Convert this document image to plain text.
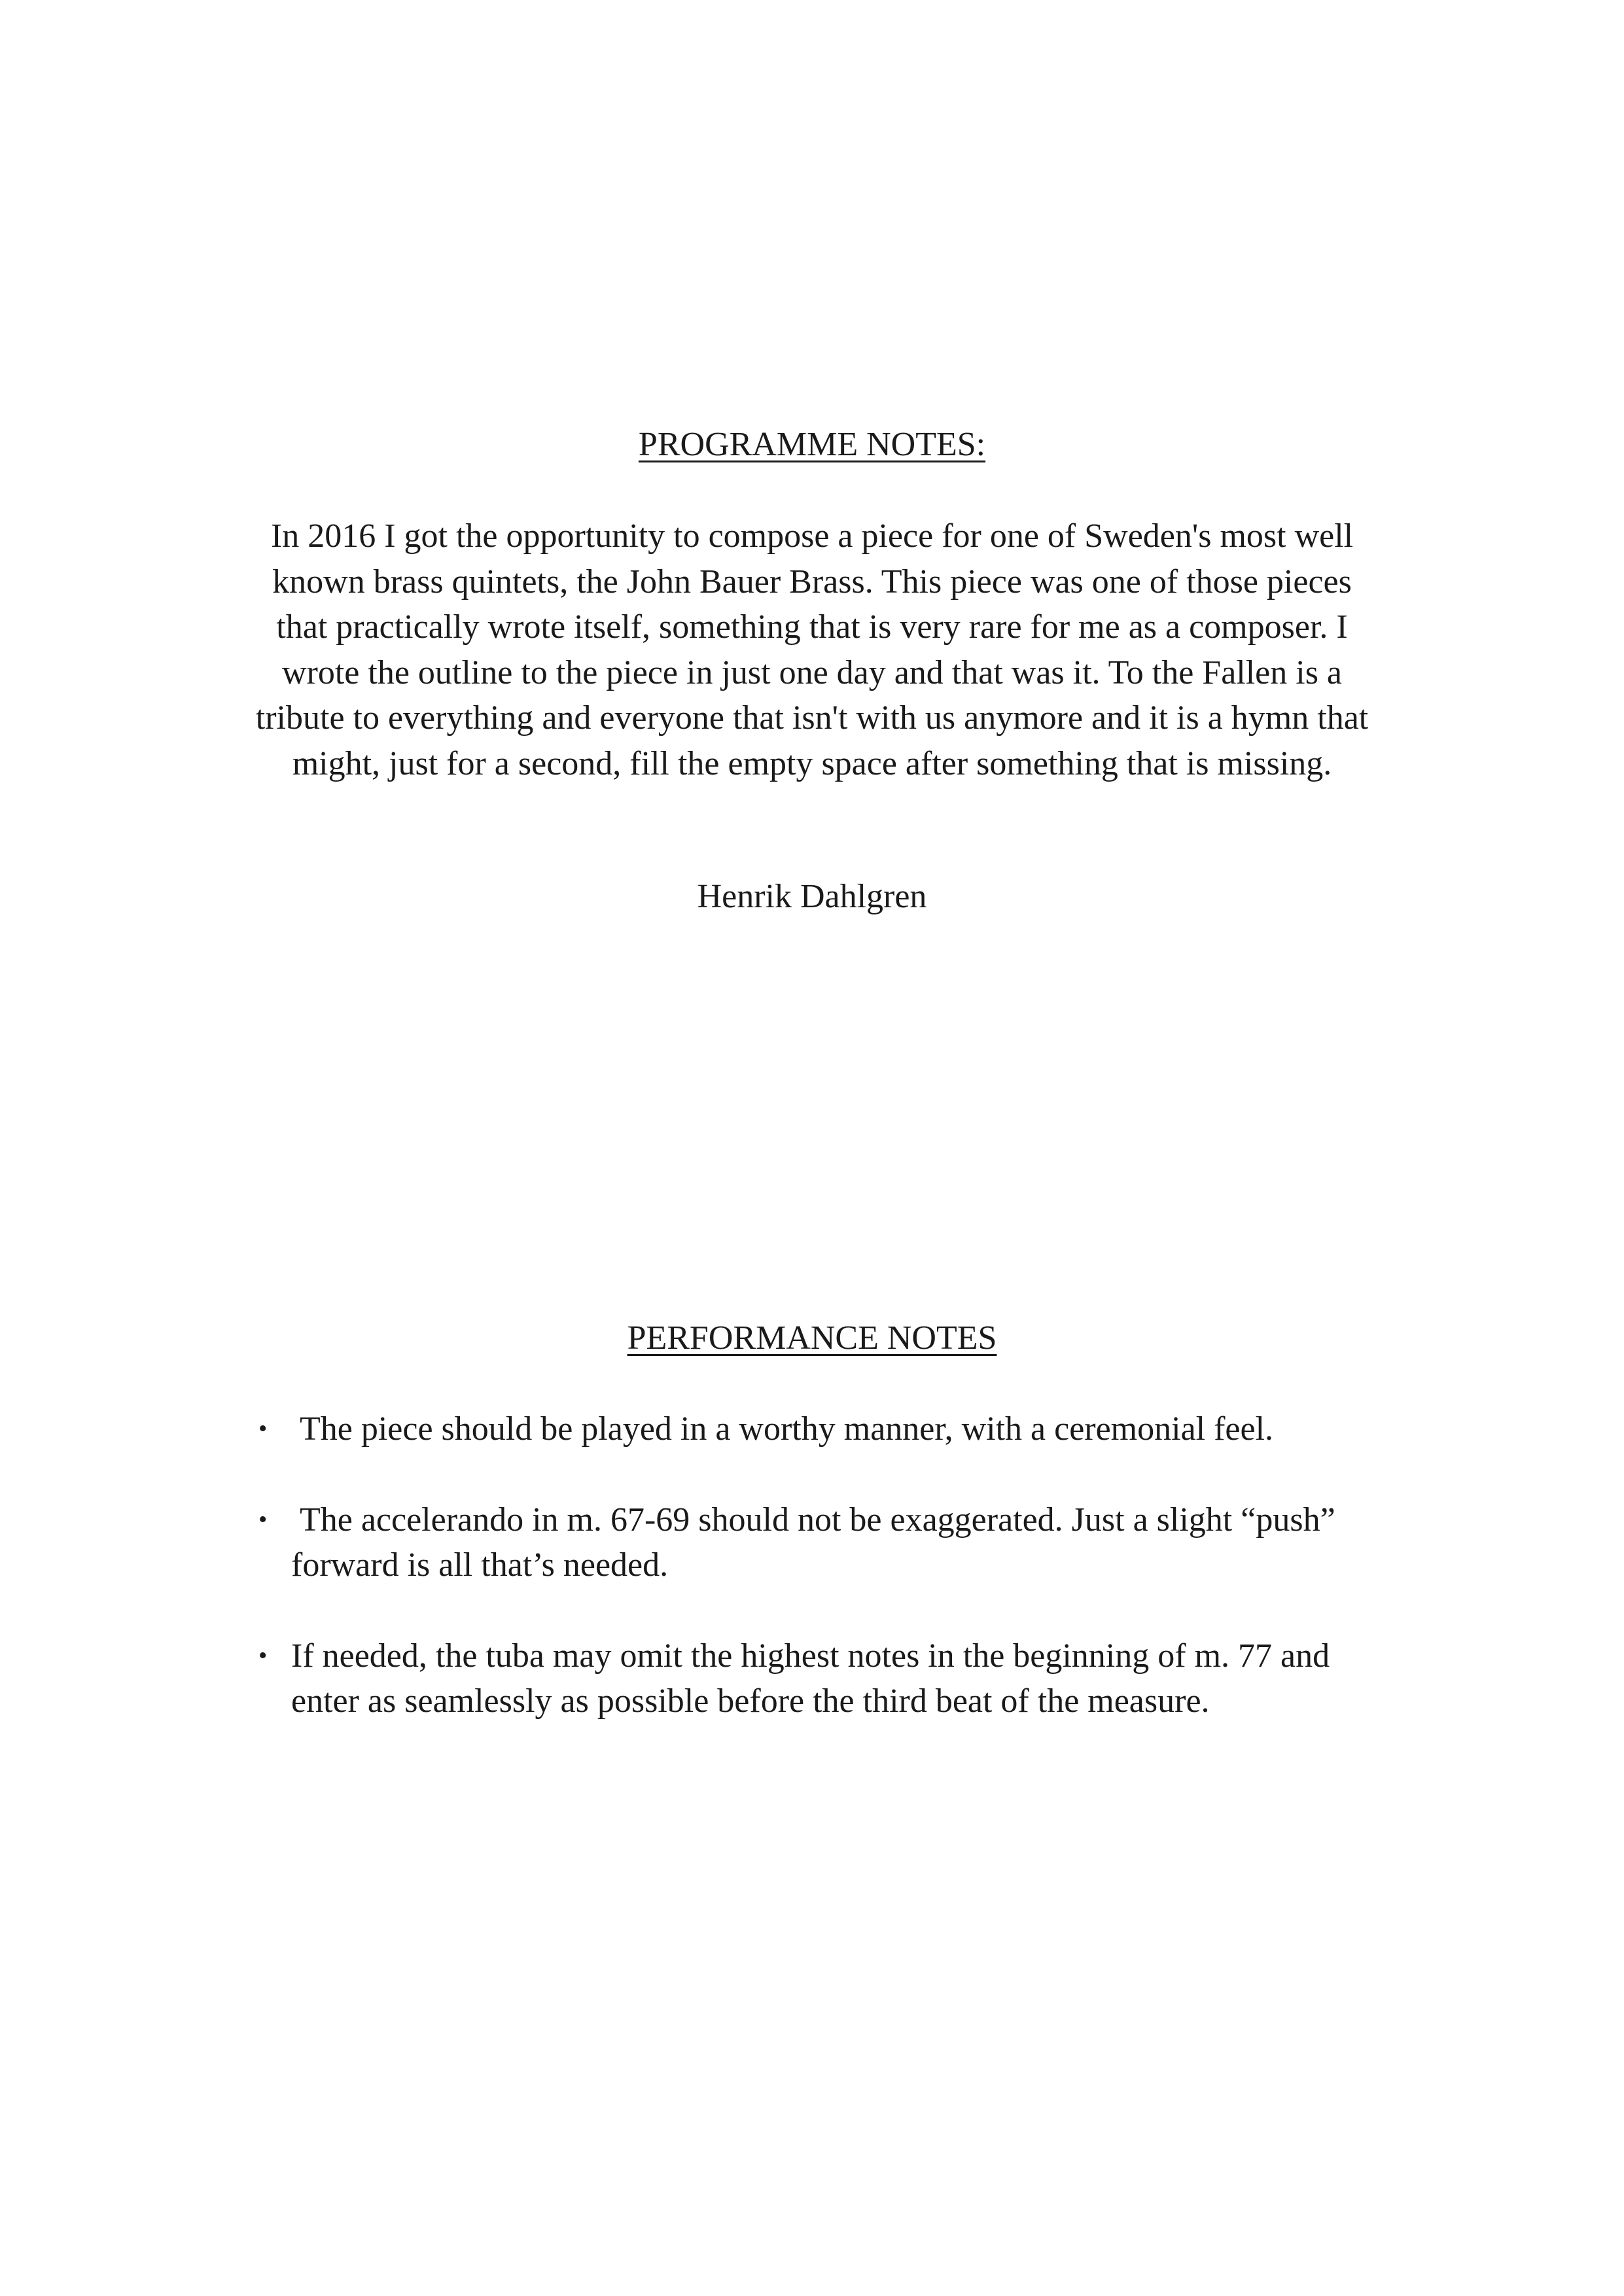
PROGRAMME NOTES:

In 2016 I got the opportunity to compose a piece for one of Sweden's most well known brass quintets, the John Bauer Brass. This piece was one of those pieces that practically wrote itself, something that is very rare for me as a composer. I wrote the outline to the piece in just one day and that was it. To the Fallen is a tribute to everything and everyone that isn't with us anymore and it is a hymn that might, just for a second, fill the empty space after something that is missing.

Henrik Dahlgren

PERFORMANCE NOTES
• The piece should be played in a worthy manner, with a ceremonial feel.
• The accelerando in m. 67-69 should not be exaggerated. Just a slight “push” forward is all that’s needed.
• If needed, the tuba may omit the highest notes in the beginning of m. 77 and enter as seamlessly as possible before the third beat of the measure.
